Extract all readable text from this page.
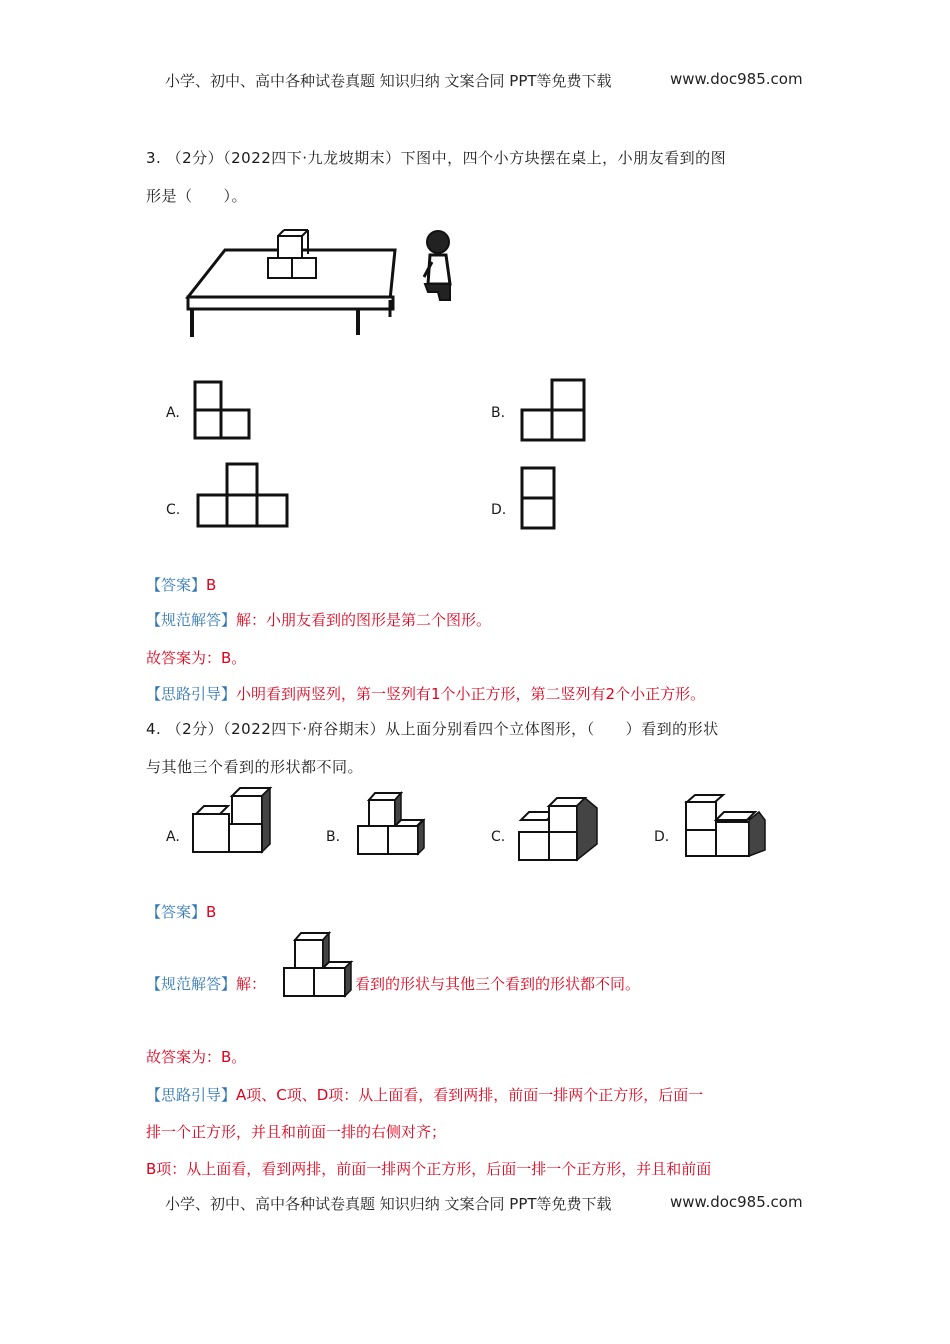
小学、初中、高中各种试卷真题 知识归纳 文案合同 PPT等免费下载	www.doc985.com
3. （2分）（2022四下·九龙坡期末）下图中，四个小方块摆在桌上，小朋友看到的图
形是（　　）。
A.	B.
C.	D.
【答案】B
【规范解答】解：小朋友看到的图形是第二个图形。
故答案为：B。
【思路引导】小明看到两竖列，第一竖列有1个小正方形，第二竖列有2个小正方形。
4. （2分）（2022四下·府谷期末）从上面分别看四个立体图形，（　　）看到的形状
与其他三个看到的形状都不同。
A.	B.	C.	D.
【答案】B
【规范解答】解：	看到的形状与其他三个看到的形状都不同。
故答案为：B。
【思路引导】A项、C项、D项：从上面看，看到两排，前面一排两个正方形，后面一
排一个正方形，并且和前面一排的右侧对齐；
B项：从上面看，看到两排，前面一排两个正方形，后面一排一个正方形，并且和前面
小学、初中、高中各种试卷真题 知识归纳 文案合同 PPT等免费下载	www.doc985.com
